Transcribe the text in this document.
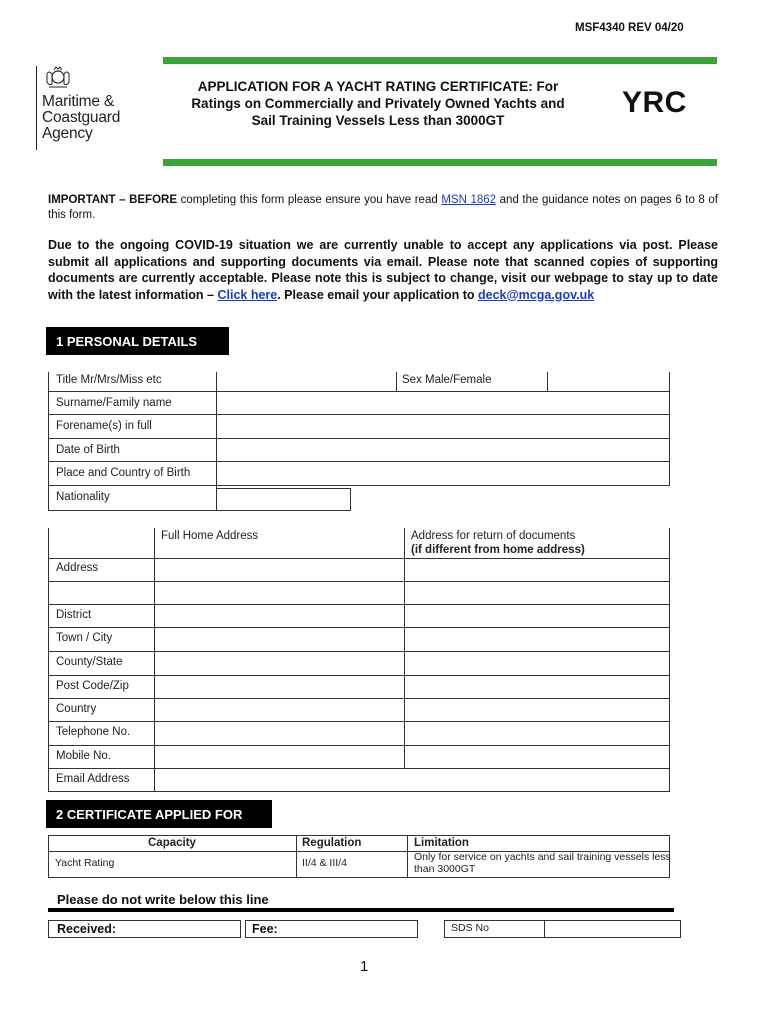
MSF4340 REV 04/20
Maritime &
Coastguard
Agency
APPLICATION FOR A YACHT RATING CERTIFICATE: For
Ratings on Commercially and Privately Owned Yachts and
Sail Training Vessels Less than 3000GT
YRC
IMPORTANT – BEFORE completing this form please ensure you have read MSN 1862 and the guidance notes on pages 6 to 8 of this form.
Due to the ongoing COVID-19 situation we are currently unable to accept any applications via post. Please submit all applications and supporting documents via email. Please note that scanned copies of supporting documents are currently acceptable. Please note this is subject to change, visit our webpage to stay up to date with the latest information – Click here. Please email your application to deck@mcga.gov.uk
1 PERSONAL DETAILS
Title Mr/Mrs/Miss etc	Sex Male/Female
Surname/Family name
Forename(s) in full
Date of Birth
Place and Country of Birth
Nationality
Full Home Address	Address for return of documents
(if different from home address)
Address
District
Town / City
County/State
Post Code/Zip
Country
Telephone No.
Mobile No.
Email Address
2 CERTIFICATE APPLIED FOR
Capacity	Regulation	Limitation
Yacht Rating	II/4 & III/4	Only for service on yachts and sail training vessels less
than 3000GT
Please do not write below this line
Received:	Fee:	SDS No
1
